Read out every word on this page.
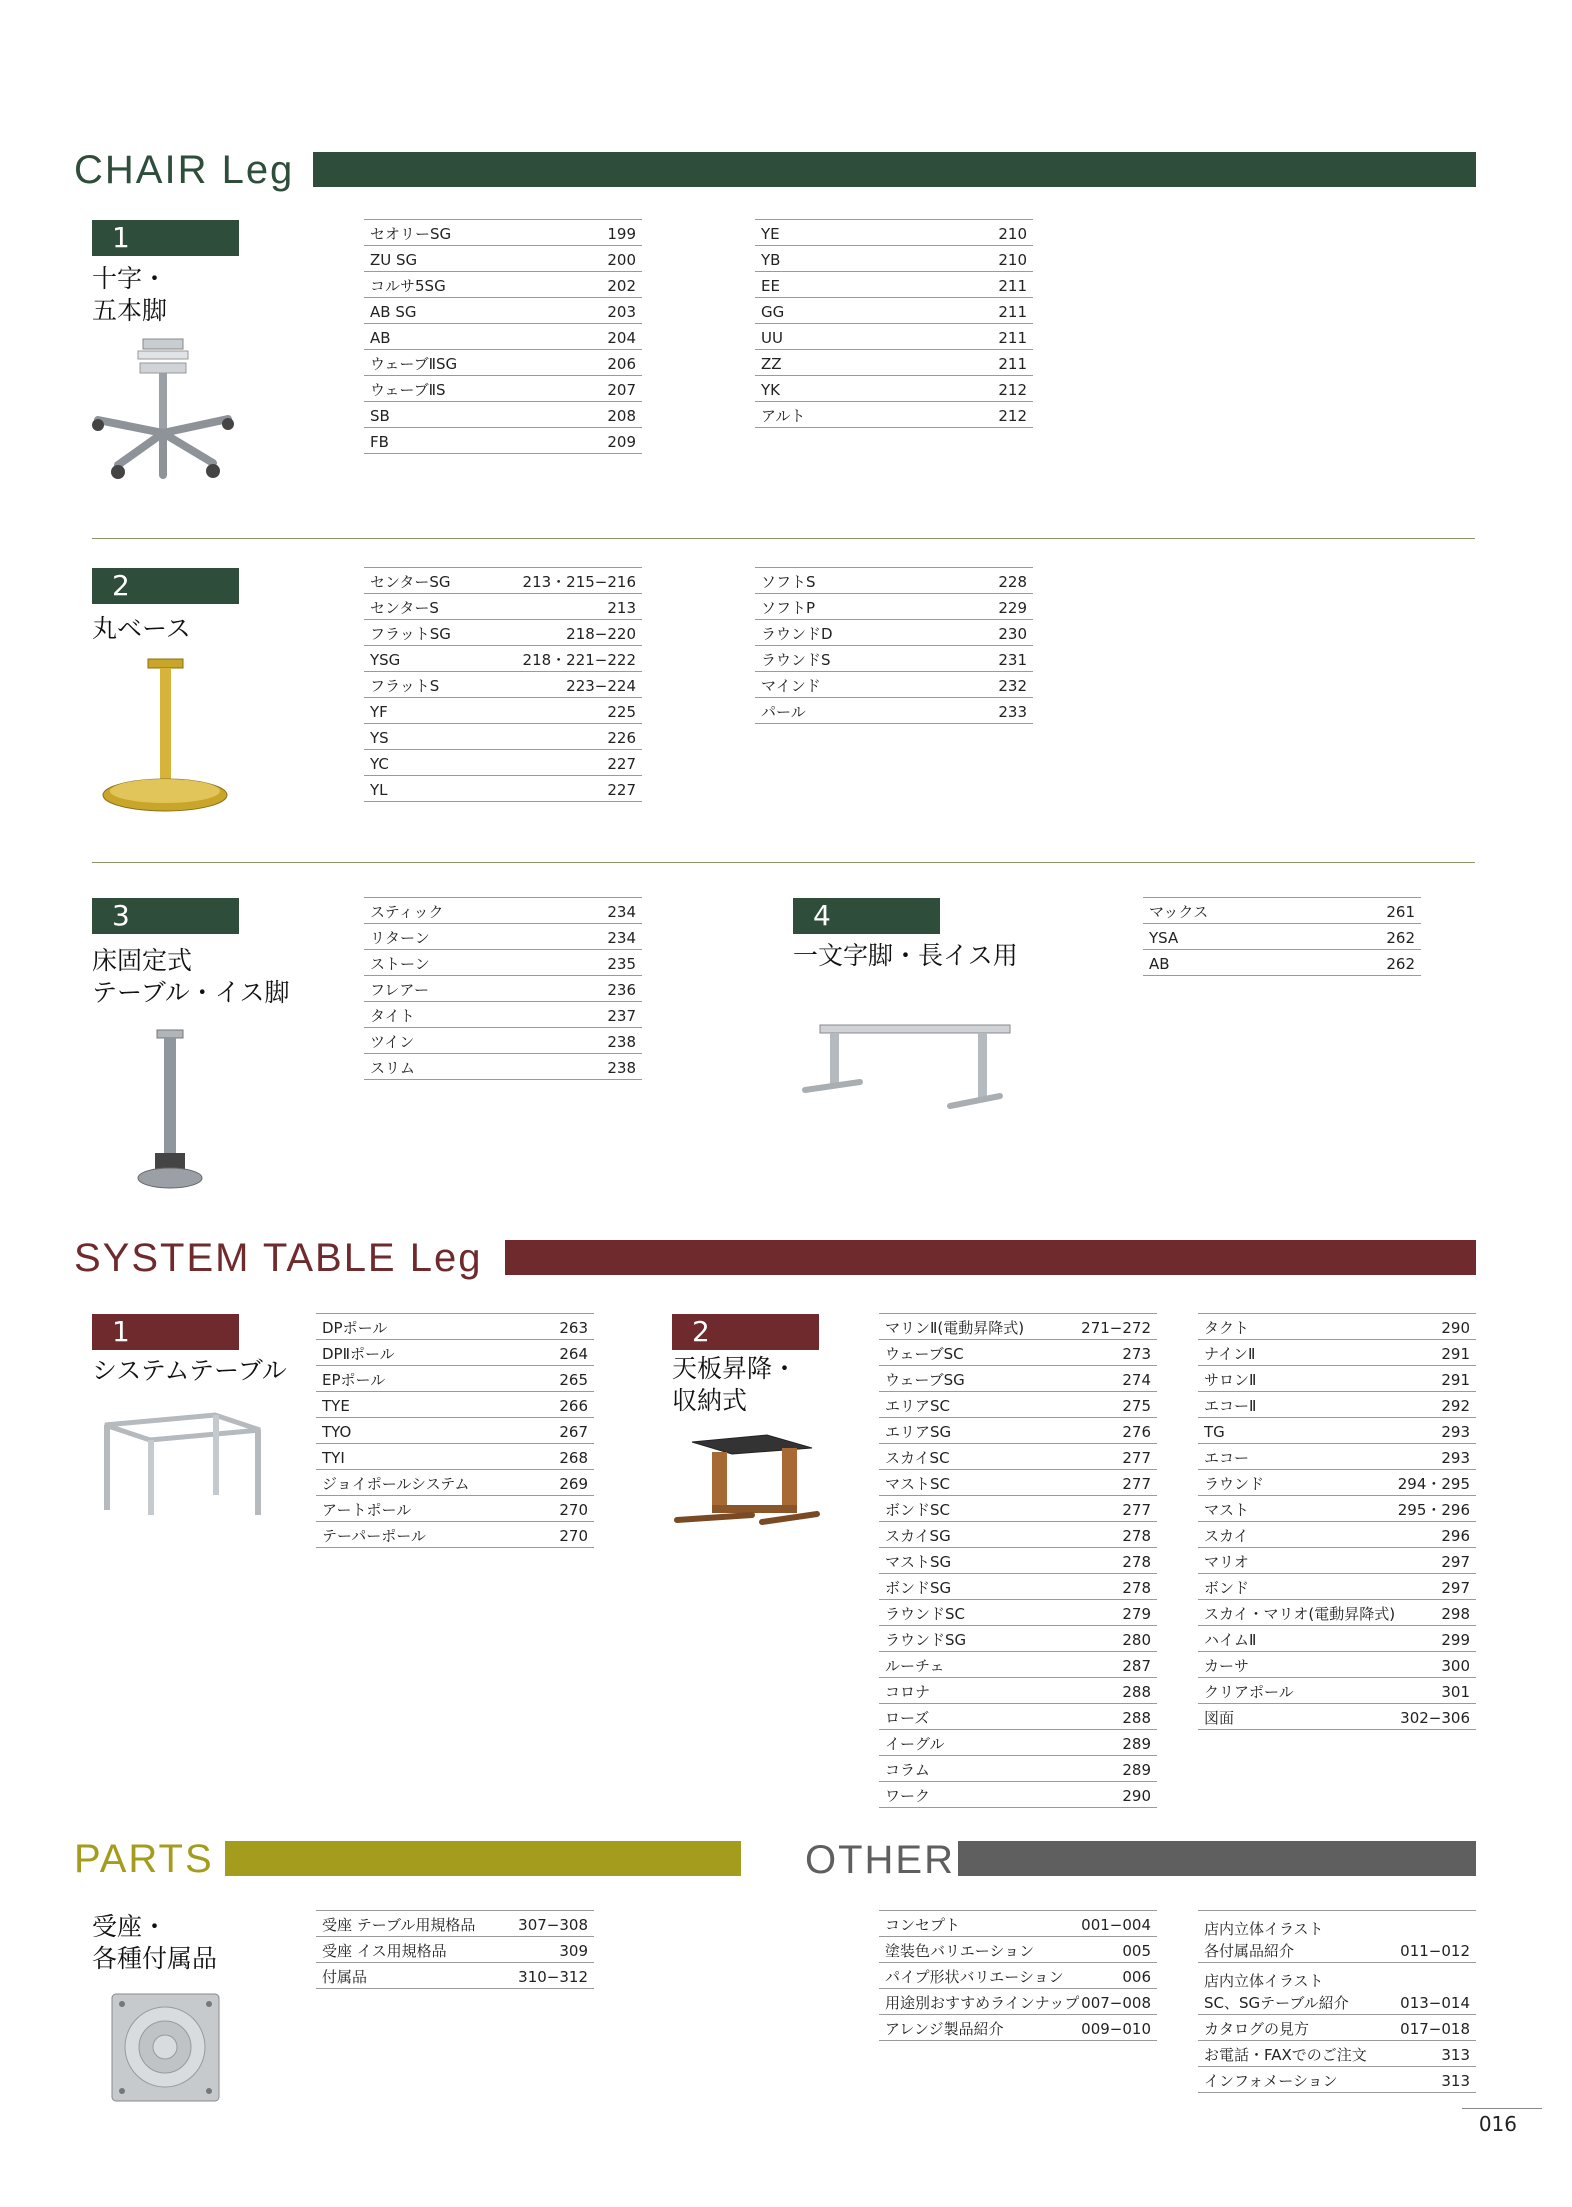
CHAIR Leg
1
十字・
五本脚
セオリーSG	199
ZU SG	200
コルサ5SG	202
AB SG	203
AB	204
ウェーブⅡSG	206
ウェーブⅡS	207
SB	208
FB	209
YE	210
YB	210
EE	211
GG	211
UU	211
ZZ	211
YK	212
アルト	212
2
丸ベース
センターSG	213・215−216
センターS	213
フラットSG	218−220
YSG	218・221−222
フラットS	223−224
YF	225
YS	226
YC	227
YL	227
ソフトS	228
ソフトP	229
ラウンドD	230
ラウンドS	231
マインド	232
パール	233
3
床固定式
テーブル・イス脚
スティック	234
リターン	234
ストーン	235
フレアー	236
タイト	237
ツイン	238
スリム	238
4
一文字脚・長イス用
マックス	261
YSA	262
AB	262
SYSTEM TABLE Leg
1
システムテーブル
DPポール	263
DPⅡポール	264
EPポール	265
TYE	266
TYO	267
TYI	268
ジョイポールシステム	269
アートポール	270
テーパーポール	270
2
天板昇降・
収納式
マリンⅡ(電動昇降式)	271−272
ウェーブSC	273
ウェーブSG	274
エリアSC	275
エリアSG	276
スカイSC	277
マストSC	277
ボンドSC	277
スカイSG	278
マストSG	278
ボンドSG	278
ラウンドSC	279
ラウンドSG	280
ルーチェ	287
コロナ	288
ローズ	288
イーグル	289
コラム	289
ワーク	290
タクト	290
ナインⅡ	291
サロンⅡ	291
エコーⅡ	292
TG	293
エコー	293
ラウンド	294・295
マスト	295・296
スカイ	296
マリオ	297
ボンド	297
スカイ・マリオ(電動昇降式)	298
ハイムⅡ	299
カーサ	300
クリアポール	301
図面	302−306
PARTS
受座・
各種付属品
受座 テーブル用規格品	307−308
受座 イス用規格品	309
付属品	310−312
OTHER
コンセプト	001−004
塗装色バリエーション	005
パイプ形状バリエーション	006
用途別おすすめラインナップ 007−008
アレンジ製品紹介	009−010
店内立体イラスト
各付属品紹介	011−012
店内立体イラスト
SC、SGテーブル紹介	013−014
カタログの見方	017−018
お電話・FAXでのご注文	313
インフォメーション	313
016
